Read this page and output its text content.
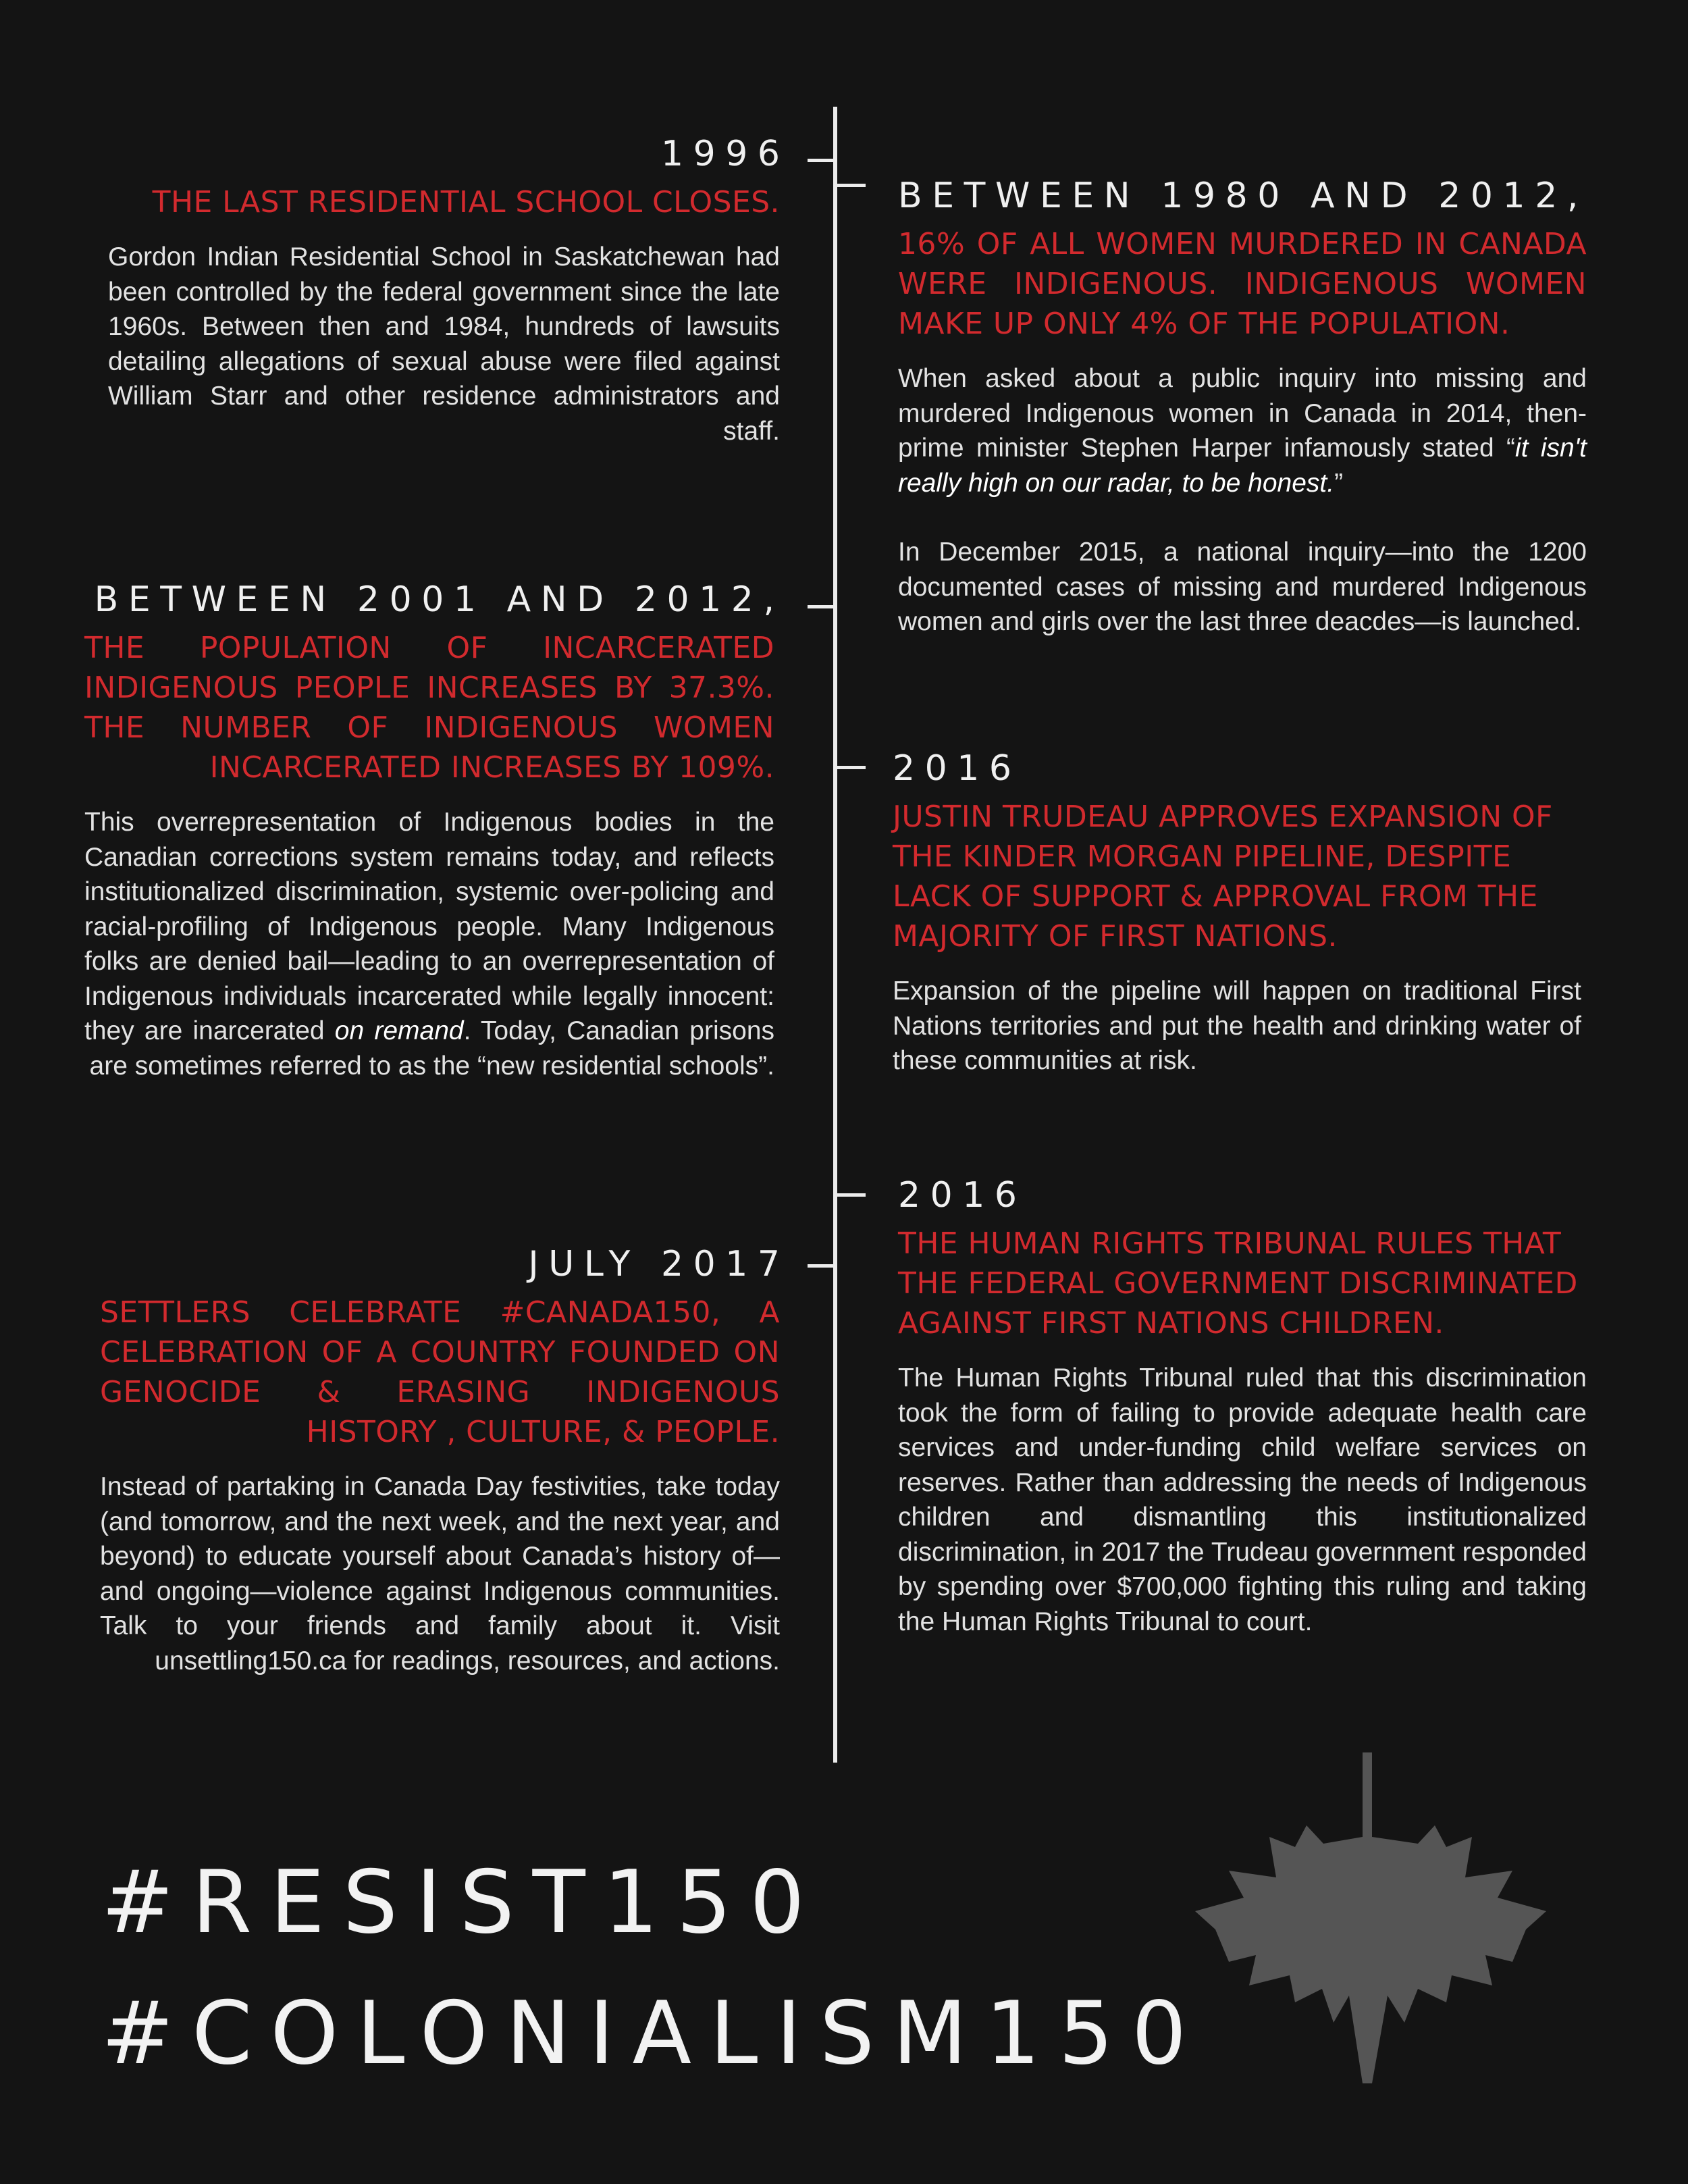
1996
THE LAST RESIDENTIAL SCHOOL CLOSES.
Gordon Indian Residential School in Saskatchewan had been controlled by the federal government since the late 1960s. Between then and 1984, hundreds of lawsuits detailing allegations of sexual abuse were filed against William Starr and other residence administrators and staff.
BETWEEN 2001 AND 2012,
THE POPULATION OF INCARCERATED INDIGENOUS PEOPLE INCREASES BY 37.3%. THE NUMBER OF INDIGENOUS WOMEN INCARCERATED INCREASES BY 109%.
This overrepresentation of Indigenous bodies in the Canadian corrections system remains today, and reflects institutionalized discrimination, systemic over-policing and racial-profiling of Indigenous people. Many Indigenous folks are denied bail—leading to an overrepresentation of Indigenous individuals incarcerated while legally innocent: they are inarcerated on remand. Today, Canadian prisons are sometimes referred to as the “new residential schools”.
JULY 2017
SETTLERS CELEBRATE #CANADA150, A CELEBRATION OF A COUNTRY FOUNDED ON GENOCIDE & ERASING INDIGENOUS HISTORY , CULTURE, & PEOPLE.
Instead of partaking in Canada Day festivities, take today (and tomorrow, and the next week, and the next year, and beyond) to educate yourself about Canada’s history of—and ongoing—violence against Indigenous communities. Talk to your friends and family about it. Visit unsettling150.ca for readings, resources, and actions.
BETWEEN 1980 AND 2012,
16% OF ALL WOMEN MURDERED IN CANADA WERE INDIGENOUS. INDIGENOUS WOMEN MAKE UP ONLY 4% OF THE POPULATION.

When asked about a public inquiry into missing and murdered Indigenous women in Canada in 2014, then-prime minister Stephen Harper infamously stated “it isn't really high on our radar, to be honest.”

In December 2015, a national inquiry—into the 1200 documented cases of missing and murdered Indigenous women and girls over the last three deacdes—is launched.

2016
JUSTIN TRUDEAU APPROVES EXPANSION OF THE KINDER MORGAN PIPELINE, DESPITE LACK OF SUPPORT & APPROVAL FROM THE MAJORITY OF FIRST NATIONS.
Expansion of the pipeline will happen on traditional First Nations territories and put the health and drinking water of these communities at risk.
2016
THE HUMAN RIGHTS TRIBUNAL RULES THAT THE FEDERAL GOVERNMENT DISCRIMINATED AGAINST FIRST NATIONS CHILDREN.
The Human Rights Tribunal ruled that this discrimination took the form of failing to provide adequate health care services and under-funding child welfare services on reserves. Rather than addressing the needs of Indigenous children and dismantling this institutionalized discrimination, in 2017 the Trudeau government responded by spending over $700,000 fighting this ruling and taking the Human Rights Tribunal to court.
#RESIST150
#COLONIALISM150
